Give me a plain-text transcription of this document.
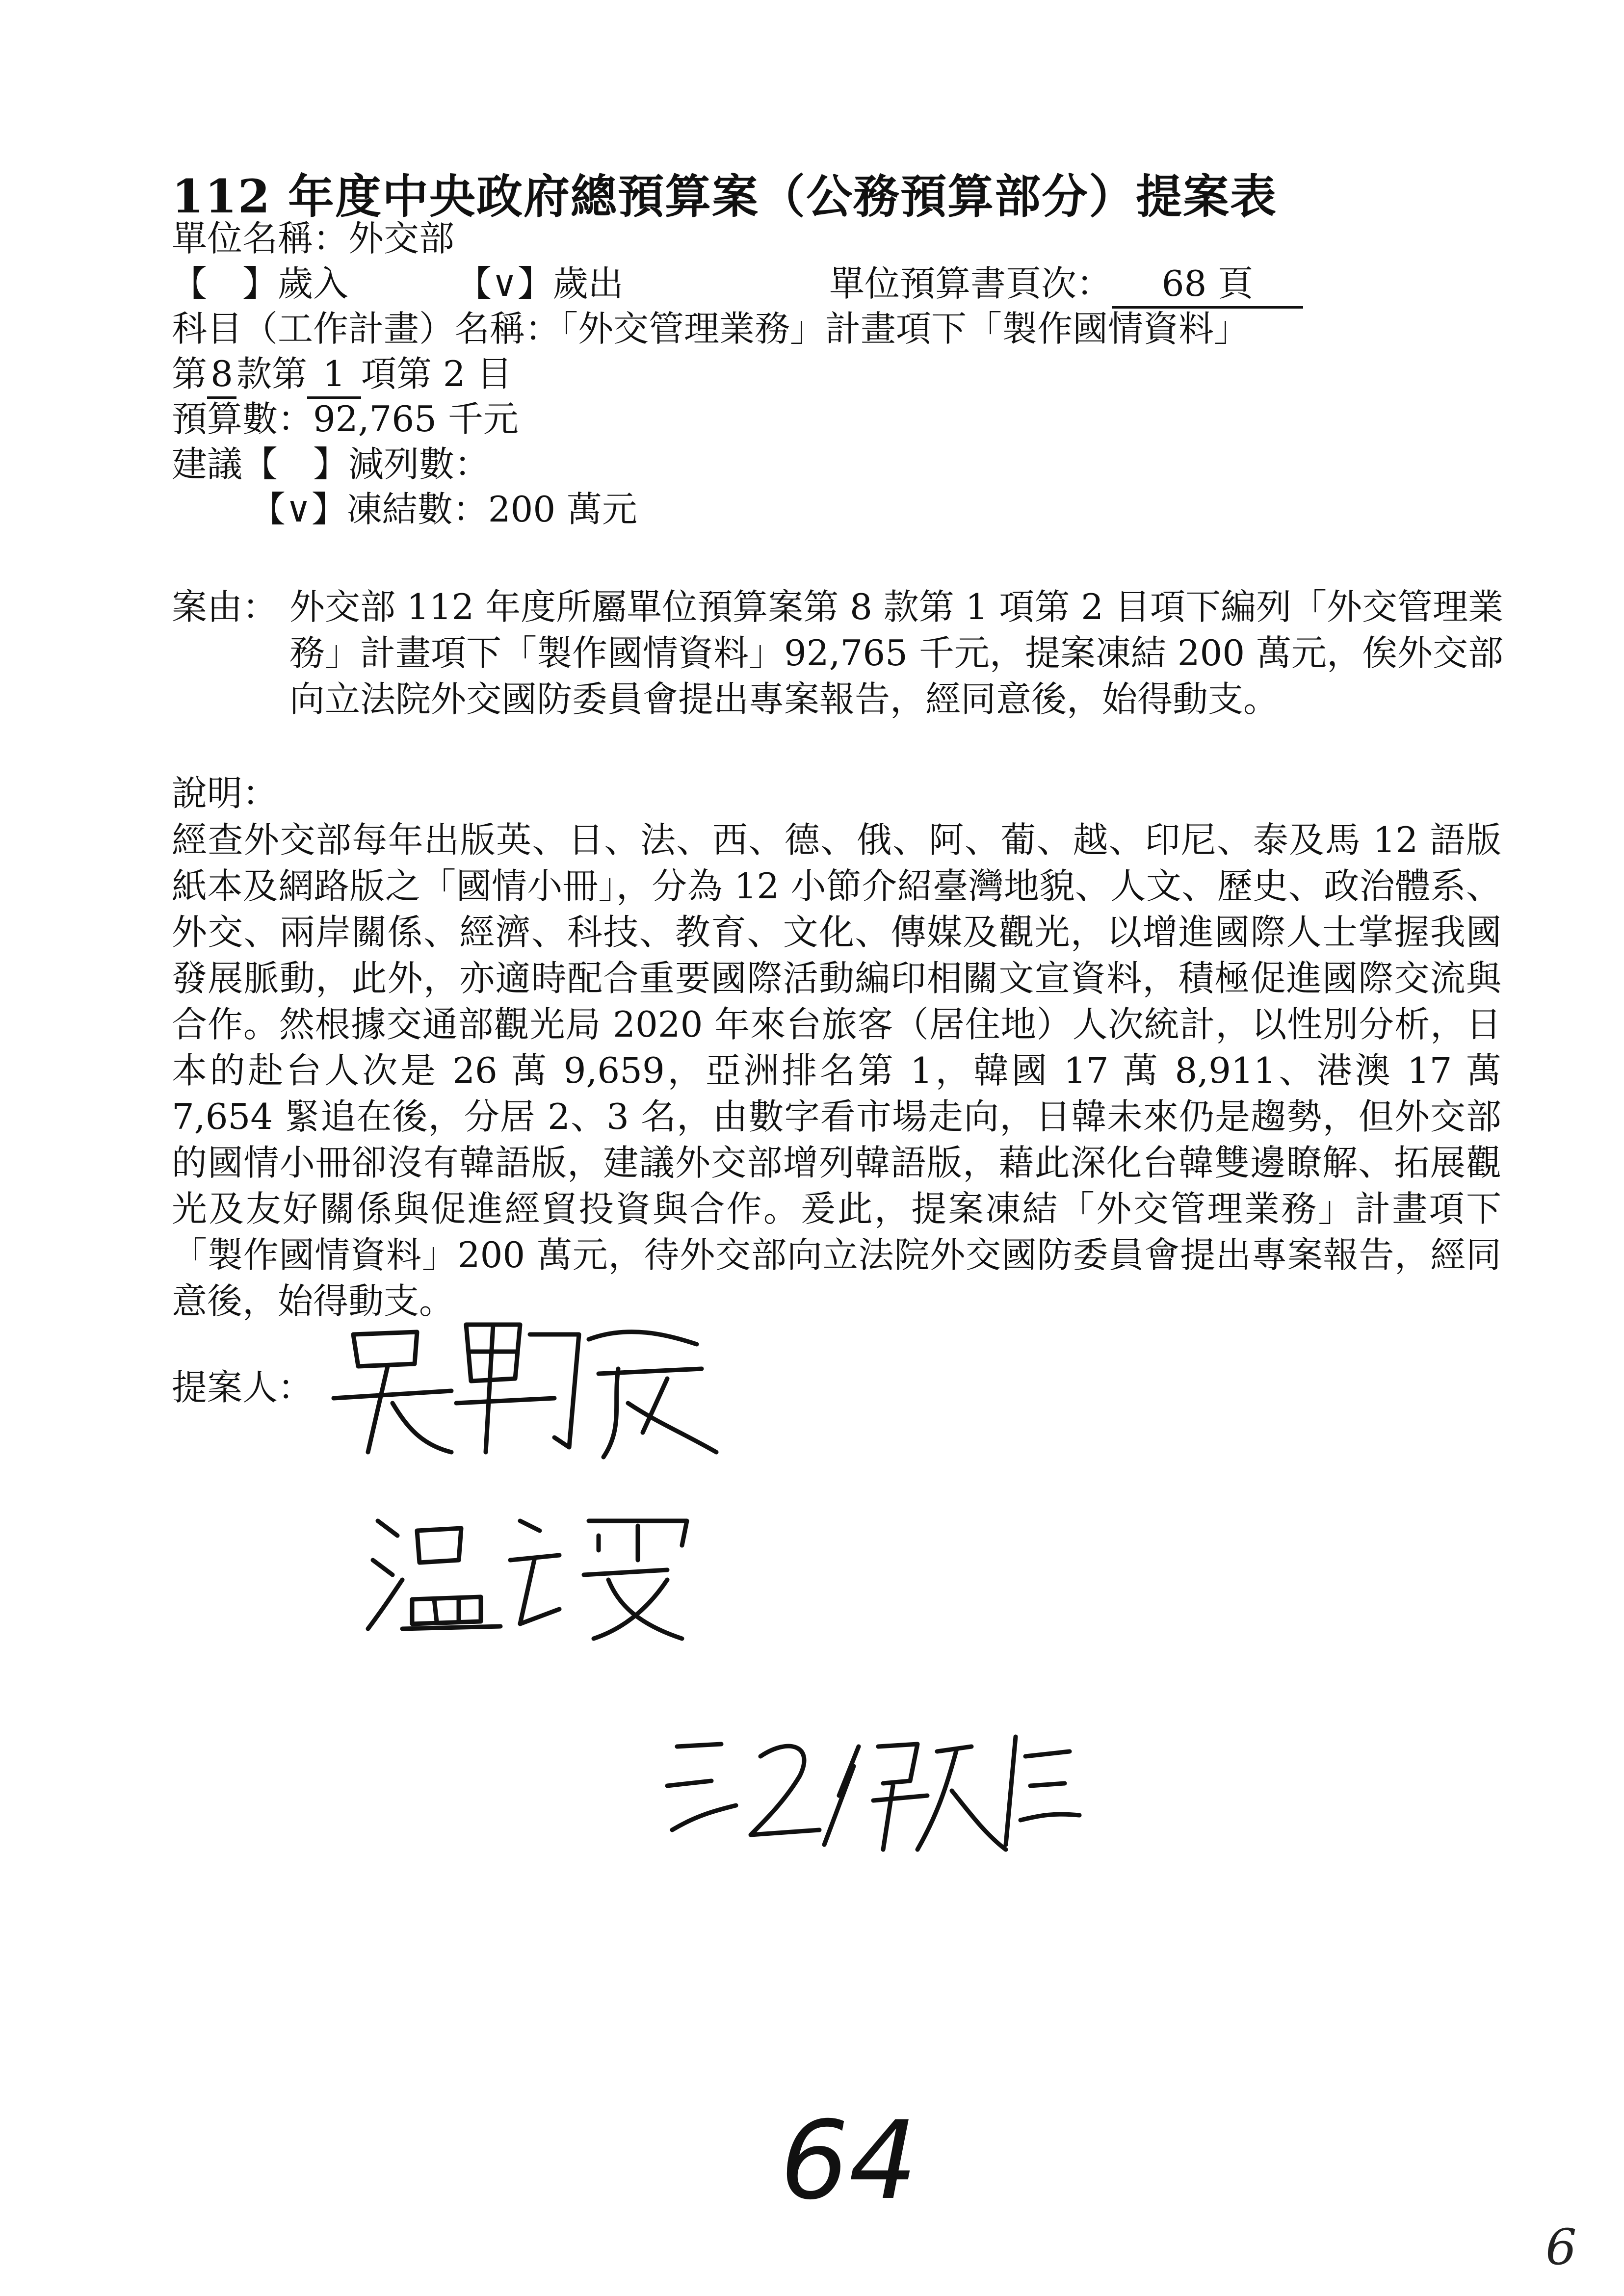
112 年度中央政府總預算案（公務預算部分）提案表
單位名稱：外交部
【　】歲入	【∨】歲出	單位預算書頁次： 68 頁
科目（工作計畫）名稱：「外交管理業務」計畫項下「製作國情資料」
第8款第 1 項第 2 目
預算數：92,765 千元
建議【　】減列數：
【∨】凍結數：200 萬元
案由： 外交部 112 年度所屬單位預算案第 8 款第 1 項第 2 目項下編列「外交管理業務」計畫項下「製作國情資料」92,765 千元，提案凍結 200 萬元，俟外交部向立法院外交國防委員會提出專案報告，經同意後，始得動支。
說明：
經查外交部每年出版英、日、法、西、德、俄、阿、葡、越、印尼、泰及馬 12 語版紙本及網路版之「國情小冊」，分為 12 小節介紹臺灣地貌、人文、歷史、政治體系、外交、兩岸關係、經濟、科技、教育、文化、傳媒及觀光，以增進國際人士掌握我國發展脈動，此外，亦適時配合重要國際活動編印相關文宣資料，積極促進國際交流與合作。然根據交通部觀光局 2020 年來台旅客（居住地）人次統計，以性別分析，日本的赴台人次是 26 萬 9,659，亞洲排名第 1，韓國 17 萬 8,911、港澳 17 萬 7,654 緊追在後，分居 2、3 名，由數字看市場走向，日韓未來仍是趨勢，但外交部的國情小冊卻沒有韓語版，建議外交部增列韓語版，藉此深化台韓雙邊瞭解、拓展觀光及友好關係與促進經貿投資與合作。爰此，提案凍結「外交管理業務」計畫項下「製作國情資料」200 萬元，待外交部向立法院外交國防委員會提出專案報告，經同意後，始得動支。
提案人：
64
6
